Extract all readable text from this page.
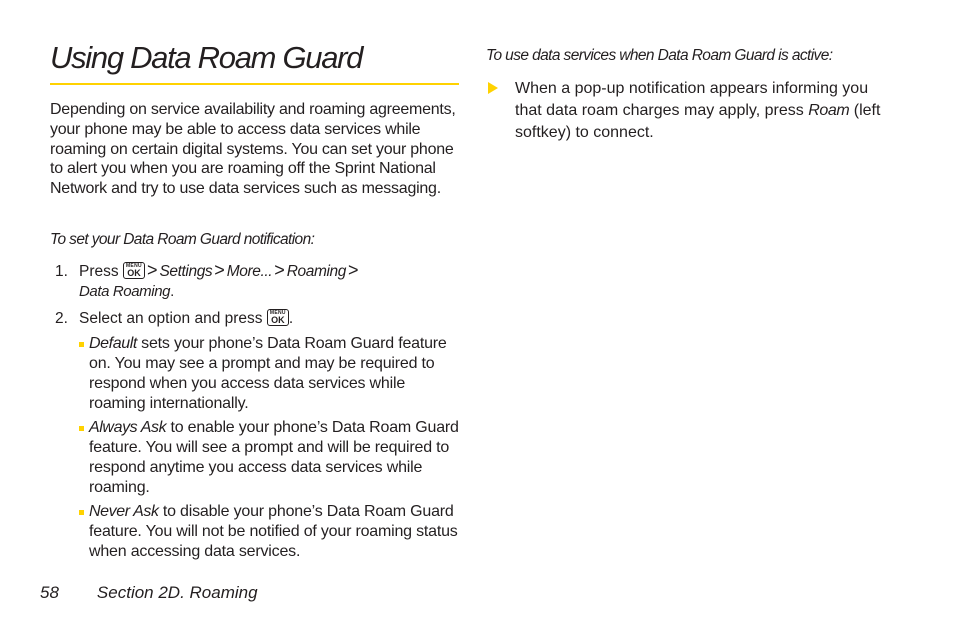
Using Data Roam Guard

Depending on service availability and roaming agreements, your phone may be able to access data services while roaming on certain digital systems. You can set your phone to alert you when you are roaming off the Sprint National Network and try to use data services such as messaging.

To set your Data Roam Guard notification:

1. Press	MENU
OK > Settings > More... > Roaming >
Data Roaming.
2. Select an option and press	MENU
OK .
Default sets your phone’s Data Roam Guard feature on. You may see a prompt and may be required to respond when you access data services while roaming internationally.
Always Ask to enable your phone’s Data Roam Guard feature. You will see a prompt and will be required to respond anytime you access data services while roaming.
Never Ask to disable your phone’s Data Roam Guard feature. You will not be notified of your roaming status when accessing data services.

To use data services when Data Roam Guard is active:

When a pop-up notification appears informing you that data roam charges may apply, press Roam (left softkey) to connect.
58 Section 2D. Roaming
